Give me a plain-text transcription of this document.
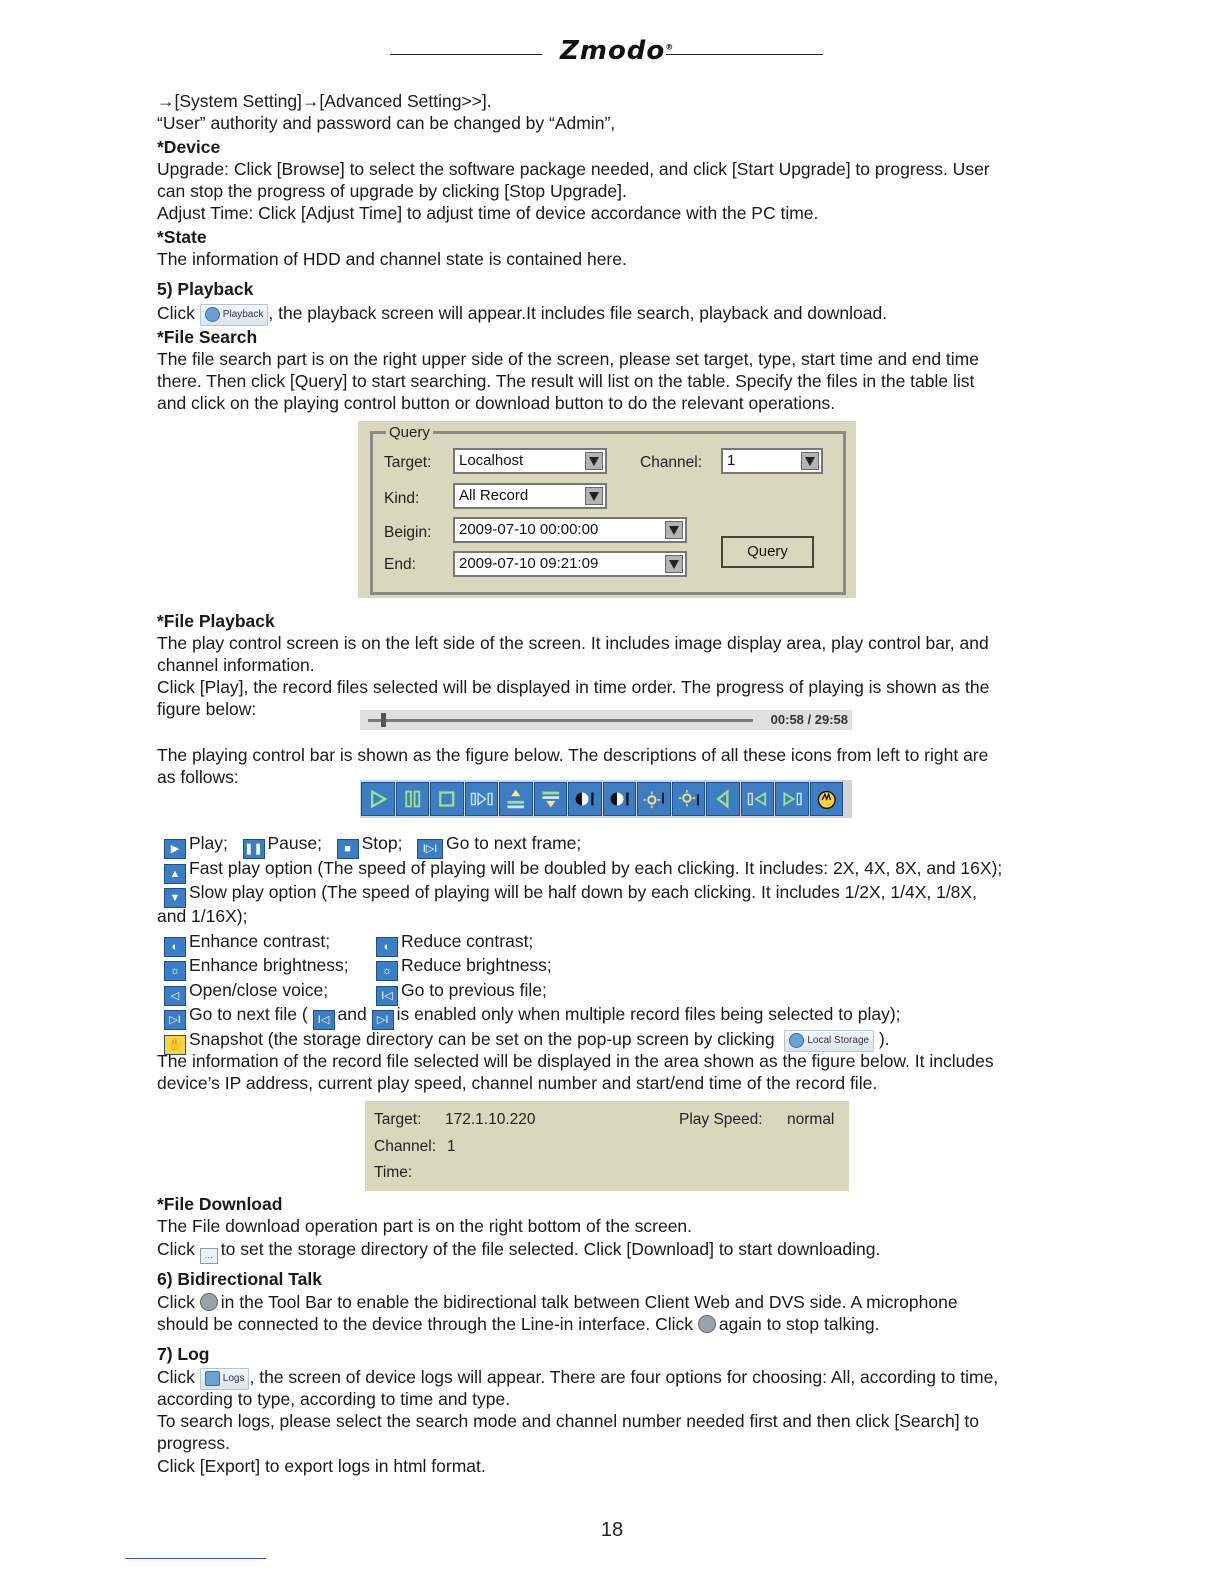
Zmodo®
→[System Setting]→[Advanced Setting>>].
“User” authority and password can be changed by “Admin”,
*Device
Upgrade: Click [Browse] to select the software package needed, and click [Start Upgrade] to progress. User
can stop the progress of upgrade by clicking [Stop Upgrade].
Adjust Time: Click [Adjust Time] to adjust time of device accordance with the PC time.
*State
The information of HDD and channel state is contained here.
5) Playback
Click	Playback , the playback screen will appear.It includes file search, playback and download.
*File Search
The file search part is on the right upper side of the screen, please set target, type, start time and end time
there. Then click [Query] to start searching. The result will list on the table. Specify the files in the table list
and click on the playing control button or download button to do the relevant operations.
Query
Target:	Localhost	Channel:	1
Kind:	All Record
Beigin:	2009-07-10 00:00:00
End:	2009-07-10 09:21:09
Query
*File Playback
The play control screen is on the left side of the screen. It includes image display area, play control bar, and
channel information.
Click [Play], the record files selected will be displayed in time order. The progress of playing is shown as the
figure below:
00:58 / 29:58
The playing control bar is shown as the figure below. The descriptions of all these icons from left to right are
as follows:
▶ Play; ❚❚ Pause; ■ Stop; I▷I Go to next frame;
▲ Fast play option (The speed of playing will be doubled by each clicking. It includes: 2X, 4X, 8X, and 16X);
▼ Slow play option (The speed of playing will be half down by each clicking. It includes 1/2X, 1/4X, 1/8X,
and 1/16X);
◐ Enhance contrast;	◐ Reduce contrast;
☼ Enhance brightness;	☼ Reduce brightness;
◁ Open/close voice;	I◁ Go to previous file;
▷I Go to next file ( I◁ and ▷I is enabled only when multiple record files being selected to play);
✋ Snapshot (the storage directory can be set on the pop-up screen by clicking	Local Storage ).
The information of the record file selected will be displayed in the area shown as the figure below. It includes
device’s IP address, current play speed, channel number and start/end time of the record file.
Target: 172.1.10.220	Play Speed: normal
Channel: 1
Time:
*File Download
The File download operation part is on the right bottom of the screen.
Click … to set the storage directory of the file selected. Click [Download] to start downloading.
6) Bidirectional Talk
Click in the Tool Bar to enable the bidirectional talk between Client Web and DVS side. A microphone
should be connected to the device through the Line-in interface. Click again to stop talking.
7) Log
Click	Logs , the screen of device logs will appear. There are four options for choosing: All, according to time,
according to type, according to time and type.
To search logs, please select the search mode and channel number needed first and then click [Search] to
progress.
Click [Export] to export logs in html format.
18
